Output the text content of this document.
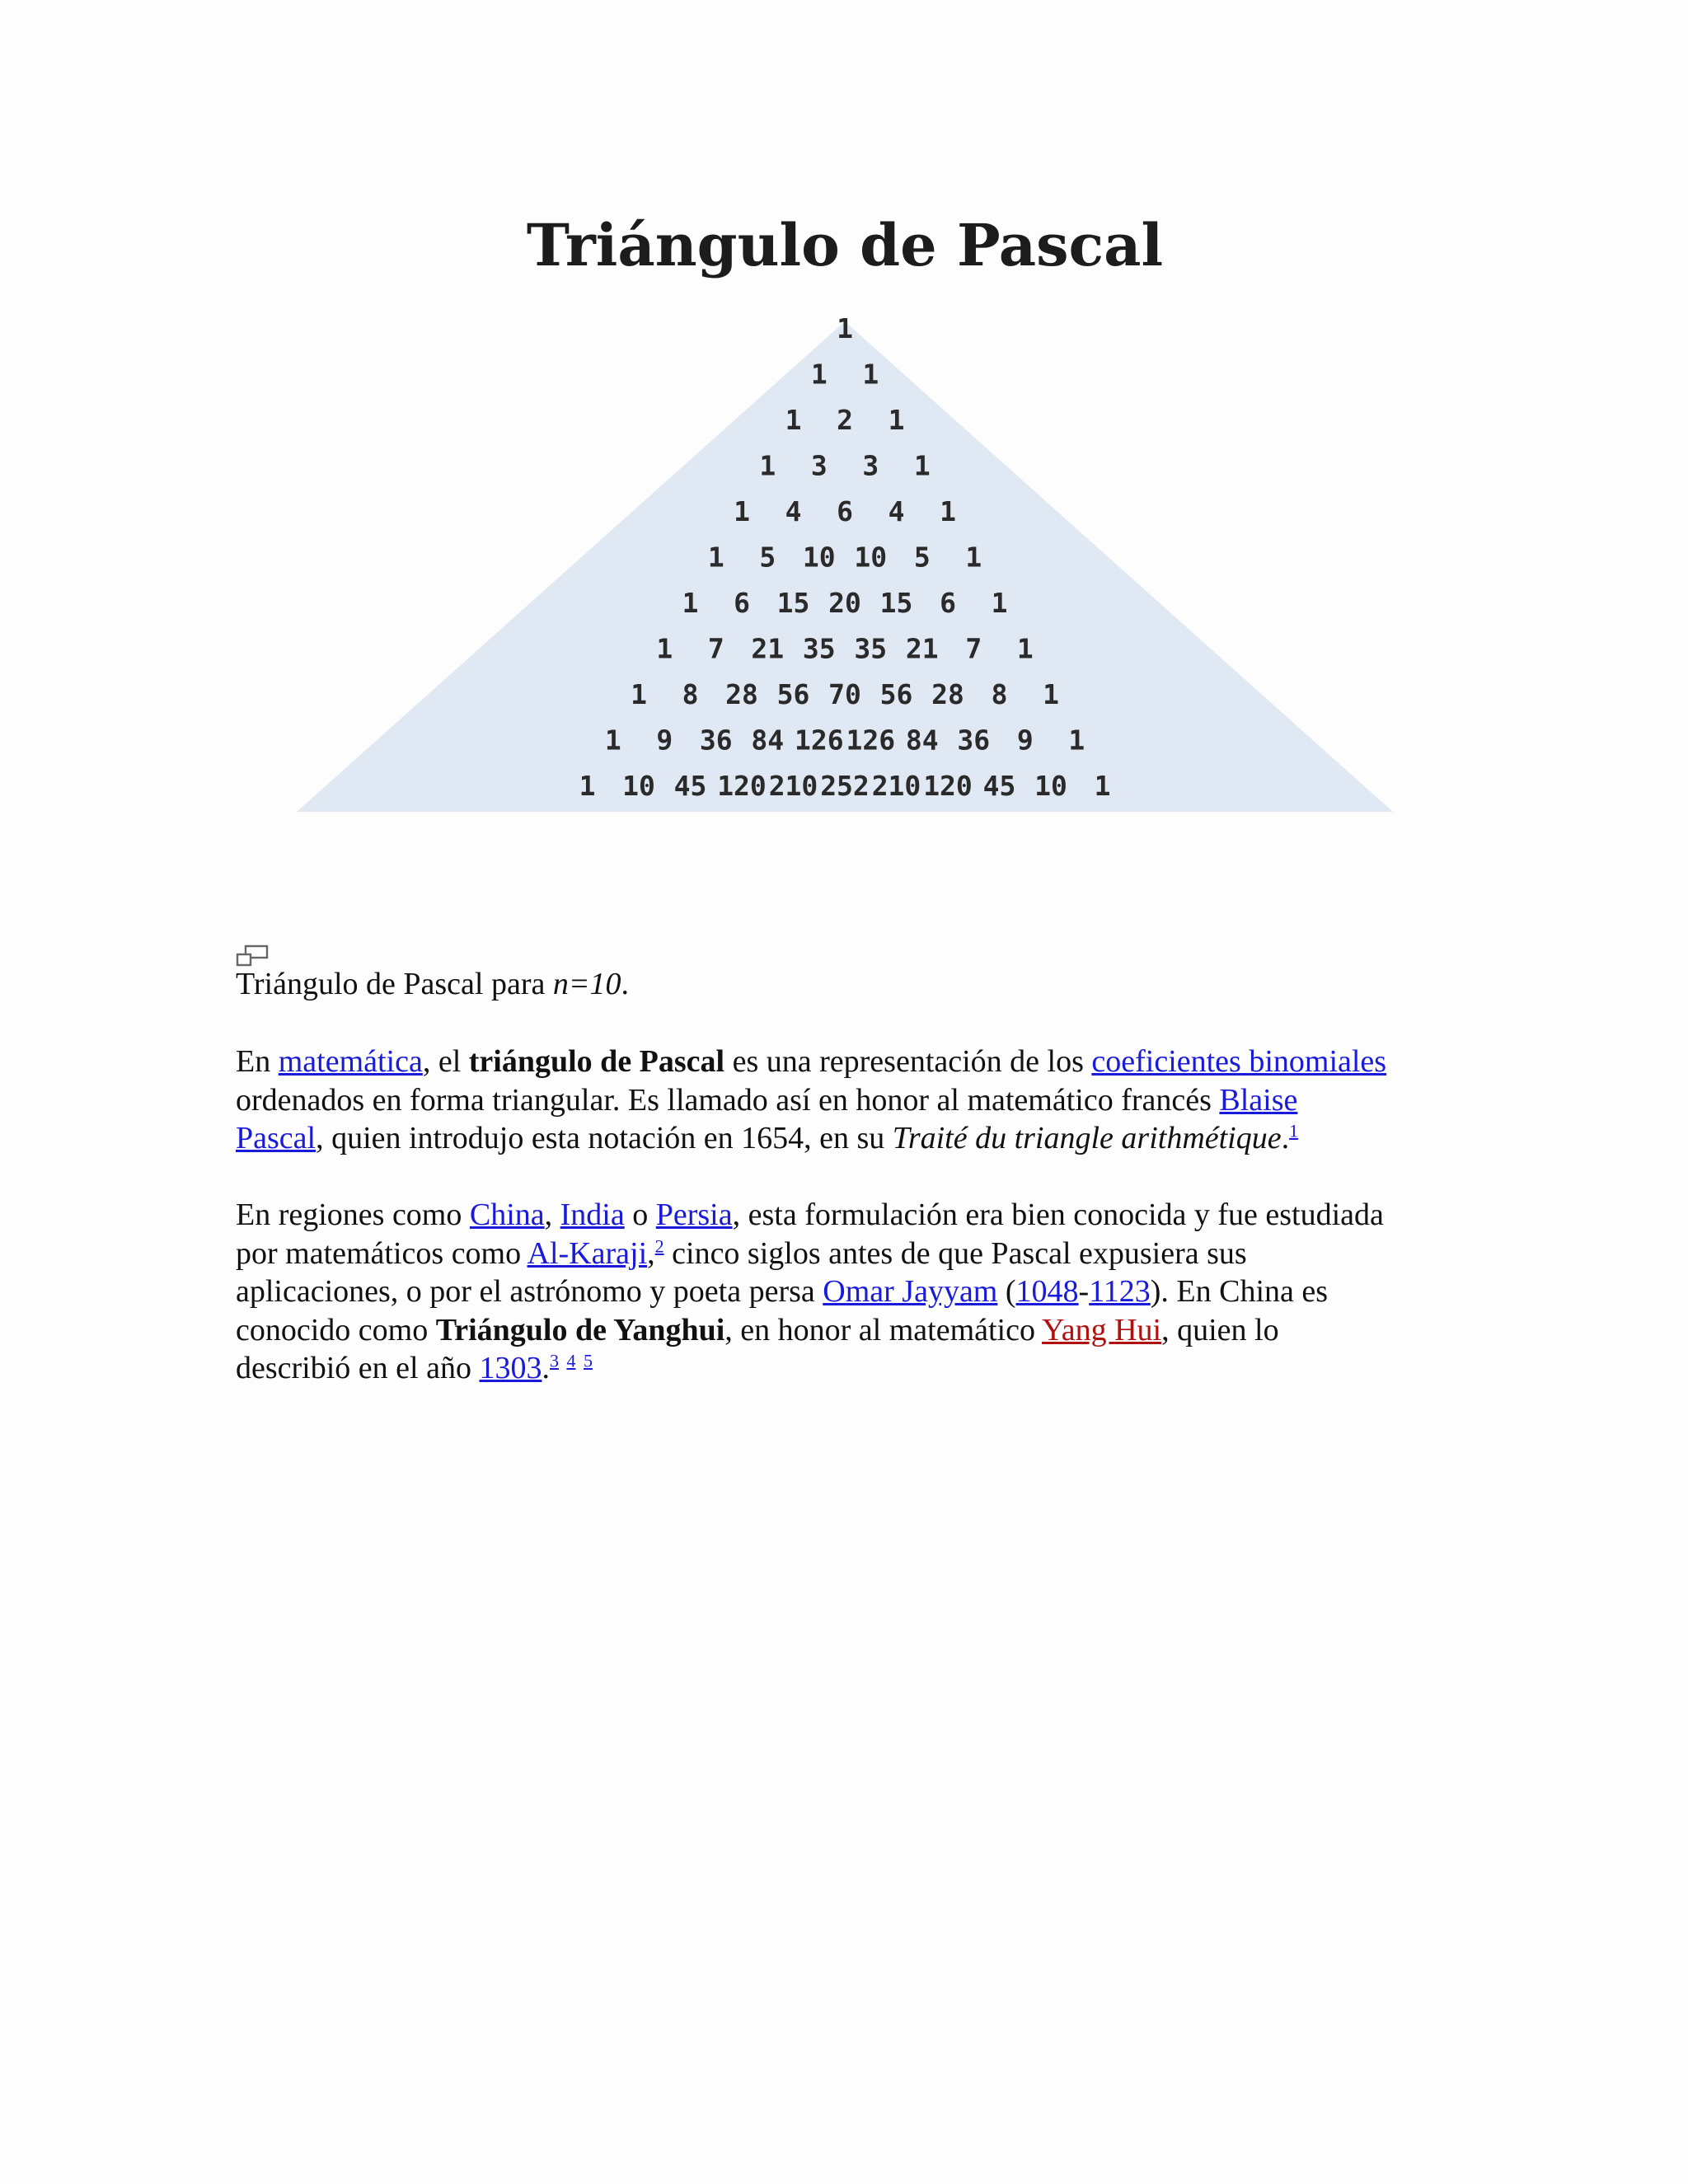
Triángulo de Pascal
1
1 1
1 2 1
1 3 3 1
1 4 6 4 1
1 5 10 10 5 1
1 6 15 20 15 6 1
1 7 21 35 35 21 7 1
1 8 28 56 70 56 28 8 1
1 9 36 84 126 126 84 36 9 1
1 10 45 120 210 252 210 120 45 10 1

Triángulo de Pascal para n=10.

En matemática, el triángulo de Pascal es una representación de los coeficientes binomiales
ordenados en forma triangular. Es llamado así en honor al matemático francés Blaise
Pascal, quien introdujo esta notación en 1654, en su Traité du triangle arithmétique.$^1$

En regiones como China, India o Persia, esta formulación era bien conocida y fue estudiada
por matemáticos como Al-Karaji,$^2$ cinco siglos antes de que Pascal expusiera sus
aplicaciones, o por el astrónomo y poeta persa Omar Jayyam (1048-1123). En China es
conocido como Triángulo de Yanghui, en honor al matemático Yang Hui, quien lo
describió en el año 1303.$^3$ $^4$ $^5$
